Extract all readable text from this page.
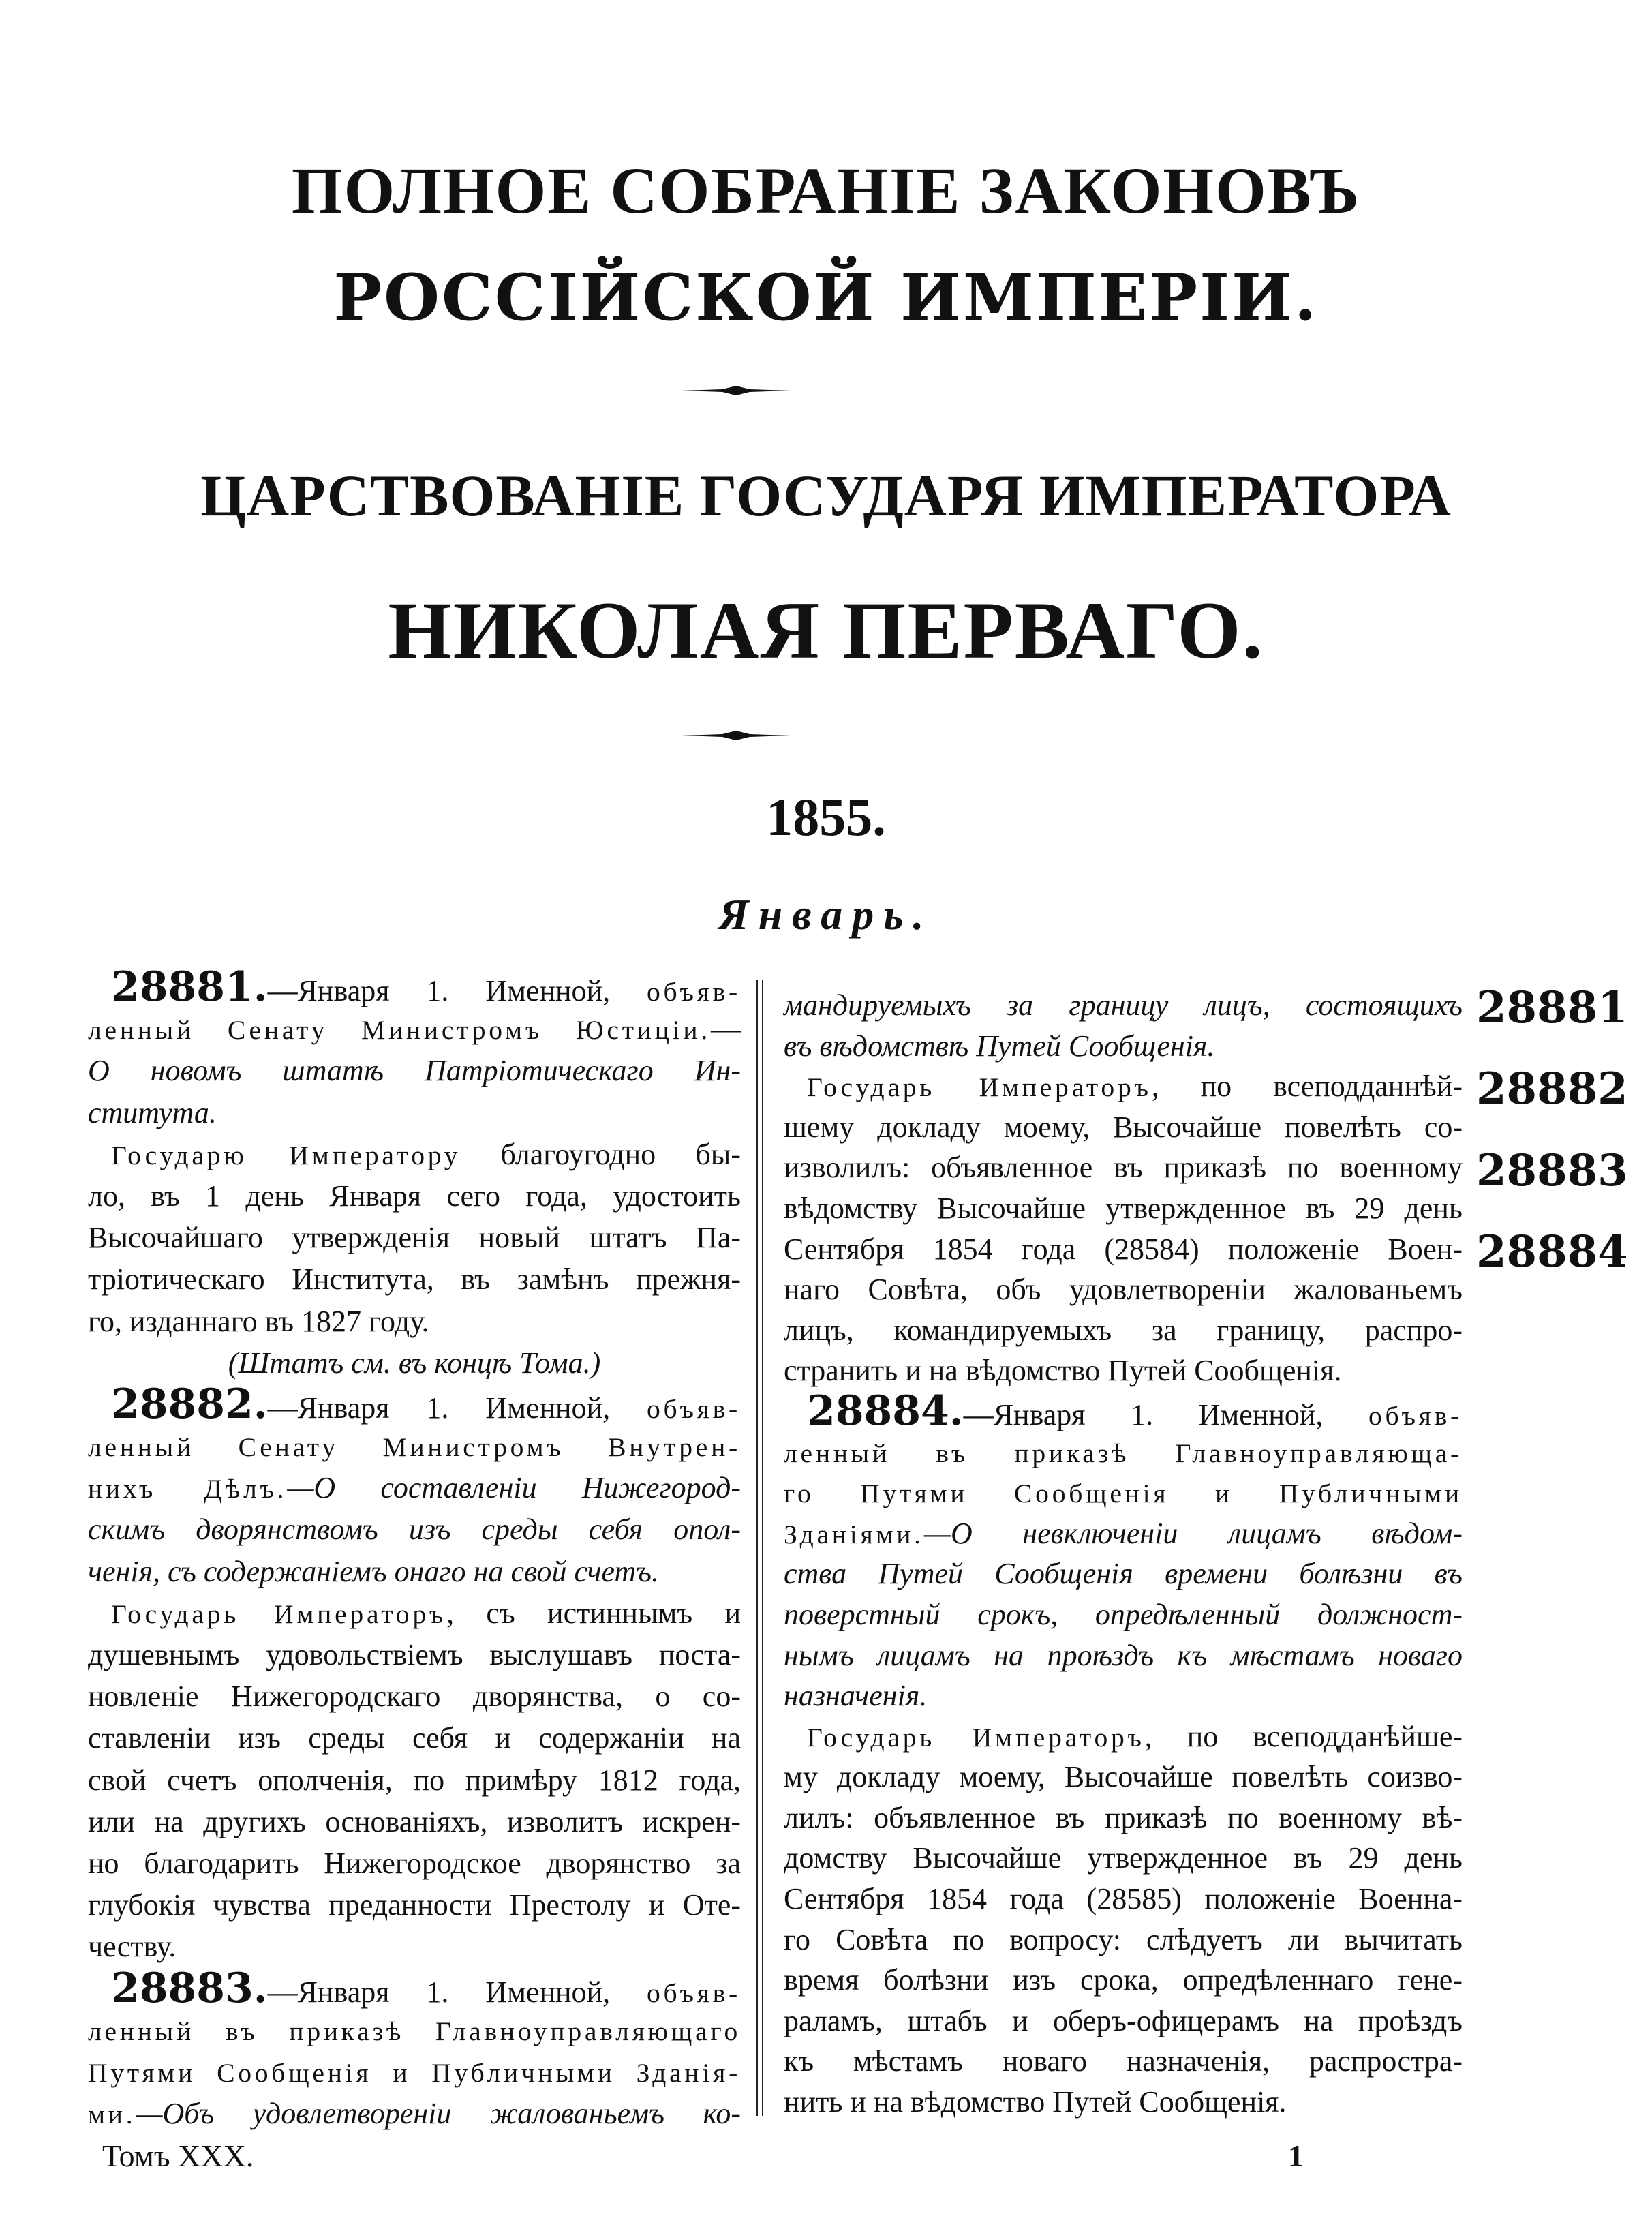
ПОЛНОЕ СОБРАНІЕ ЗАКОНОВЪ
РОССІЙСКОЙ ИМПЕРІИ.
ЦАРСТВОВАНІЕ ГОСУДАРЯ ИМПЕРАТОРА
НИКОЛАЯ ПЕРВАГО.
1855.
Январь.
28881.—Января 1. Именной, объяв-
ленный Сенату Министромъ Юстиціи.—
О новомъ штатѣ Патріотическаго Ин-
ститута.
Государю Императору благоугодно бы-
ло, въ 1 день Января сего года, удостоить
Высочайшаго утвержденія новый штатъ Па-
тріотическаго Института, въ замѣнъ прежня-
го, изданнаго въ 1827 году.
(Штатъ см. въ концѣ Тома.)
28882.—Января 1. Именной, объяв-
ленный Сенату Министромъ Внутрен-
нихъ Дѣлъ.—О составленіи Нижегород-
скимъ дворянствомъ изъ среды себя опол-
ченія, съ содержаніемъ онаго на свой счетъ.
Государь Императоръ, съ истиннымъ и
душевнымъ удовольствіемъ выслушавъ поста-
новленіе Нижегородскаго дворянства, о со-
ставленіи изъ среды себя и содержаніи на
свой счетъ ополченія, по примѣру 1812 года,
или на другихъ основаніяхъ, изволитъ искрен-
но благодарить Нижегородское дворянство за
глубокія чувства преданности Престолу и Оте-
честву.
28883.—Января 1. Именной, объяв-
ленный въ приказѣ Главноуправляющаго
Путями Сообщенія и Публичными Зданія-
ми.—Объ удовлетвореніи жалованьемъ ко-
мандируемыхъ за границу лицъ, состоящихъ
въ вѣдомствѣ Путей Сообщенія.
Государь Императоръ, по всеподданнѣй-
шему докладу моему, Высочайше повелѣть со-
изволилъ: объявленное въ приказѣ по военному
вѣдомству Высочайше утвержденное въ 29 день
Сентября 1854 года (28584) положеніе Воен-
наго Совѣта, объ удовлетвореніи жалованьемъ
лицъ, командируемыхъ за границу, распро-
странить и на вѣдомство Путей Сообщенія.
28884.—Января 1. Именной, объяв-
ленный въ приказѣ Главноуправляюща-
го Путями Сообщенія и Публичными
Зданіями.—О невключеніи лицамъ вѣдом-
ства Путей Сообщенія времени болѣзни въ
поверстный срокъ, опредѣленный должност-
нымъ лицамъ на проѣздъ къ мѣстамъ новаго
назначенія.
Государь Императоръ, по всеподданѣйше-
му докладу моему, Высочайше повелѣть соизво-
лилъ: объявленное въ приказѣ по военному вѣ-
домству Высочайше утвержденное въ 29 день
Сентября 1854 года (28585) положеніе Военна-
го Совѣта по вопросу: слѣдуетъ ли вычитать
время болѣзни изъ срока, опредѣленнаго гене-
раламъ, штабъ и оберъ-офицерамъ на проѣздъ
къ мѣстамъ новаго назначенія, распростра-
нить и на вѣдомство Путей Сообщенія.
28881
28882
28883
28884
Томъ XXX.	1
